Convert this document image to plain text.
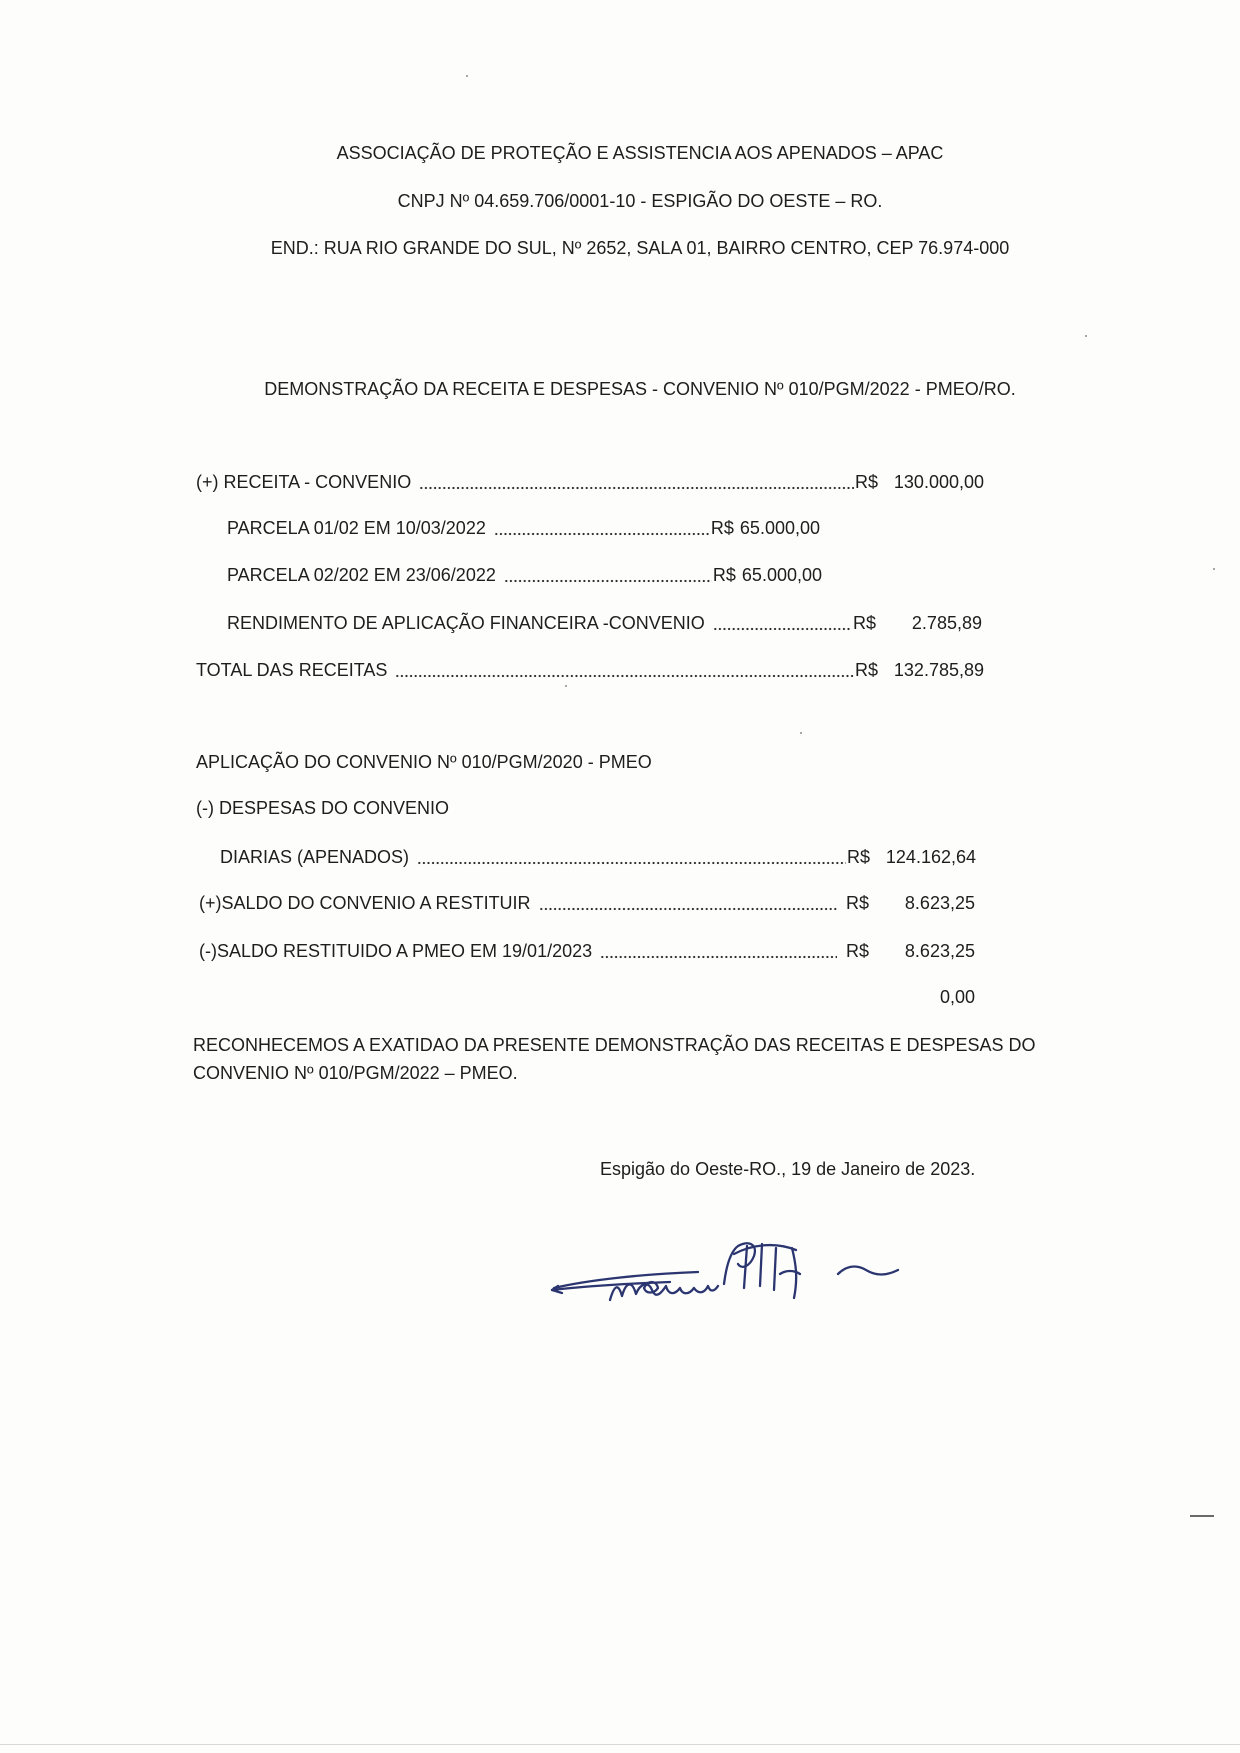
ASSOCIAÇÃO DE PROTEÇÃO E ASSISTENCIA AOS APENADOS – APAC
CNPJ Nº 04.659.706/0001-10 - ESPIGÃO DO OESTE – RO.
END.: RUA RIO GRANDE DO SUL, Nº 2652, SALA 01, BAIRRO CENTRO, CEP 76.974-000
DEMONSTRAÇÃO DA RECEITA E DESPESAS - CONVENIO Nº 010/PGM/2022 - PMEO/RO.
(+) RECEITA - CONVENIO	R$ 130.000,00
PARCELA 01/02 EM 10/03/2022	R$ 65.000,00
PARCELA 02/202 EM 23/06/2022	R$ 65.000,00
RENDIMENTO DE APLICAÇÃO FINANCEIRA -CONVENIO	R$	2.785,89
TOTAL DAS RECEITAS	R$ 132.785,89
APLICAÇÃO DO CONVENIO Nº 010/PGM/2020 - PMEO
(-) DESPESAS DO CONVENIO
DIARIAS (APENADOS)	R$ 124.162,64
(+)SALDO DO CONVENIO A RESTITUIR	R$	8.623,25
(-)SALDO RESTITUIDO A PMEO EM 19/01/2023	R$	8.623,25
0,00
RECONHECEMOS A EXATIDAO DA PRESENTE DEMONSTRAÇÃO DAS RECEITAS E DESPESAS DO
CONVENIO Nº 010/PGM/2022 – PMEO.
Espigão do Oeste-RO., 19 de Janeiro de 2023.
